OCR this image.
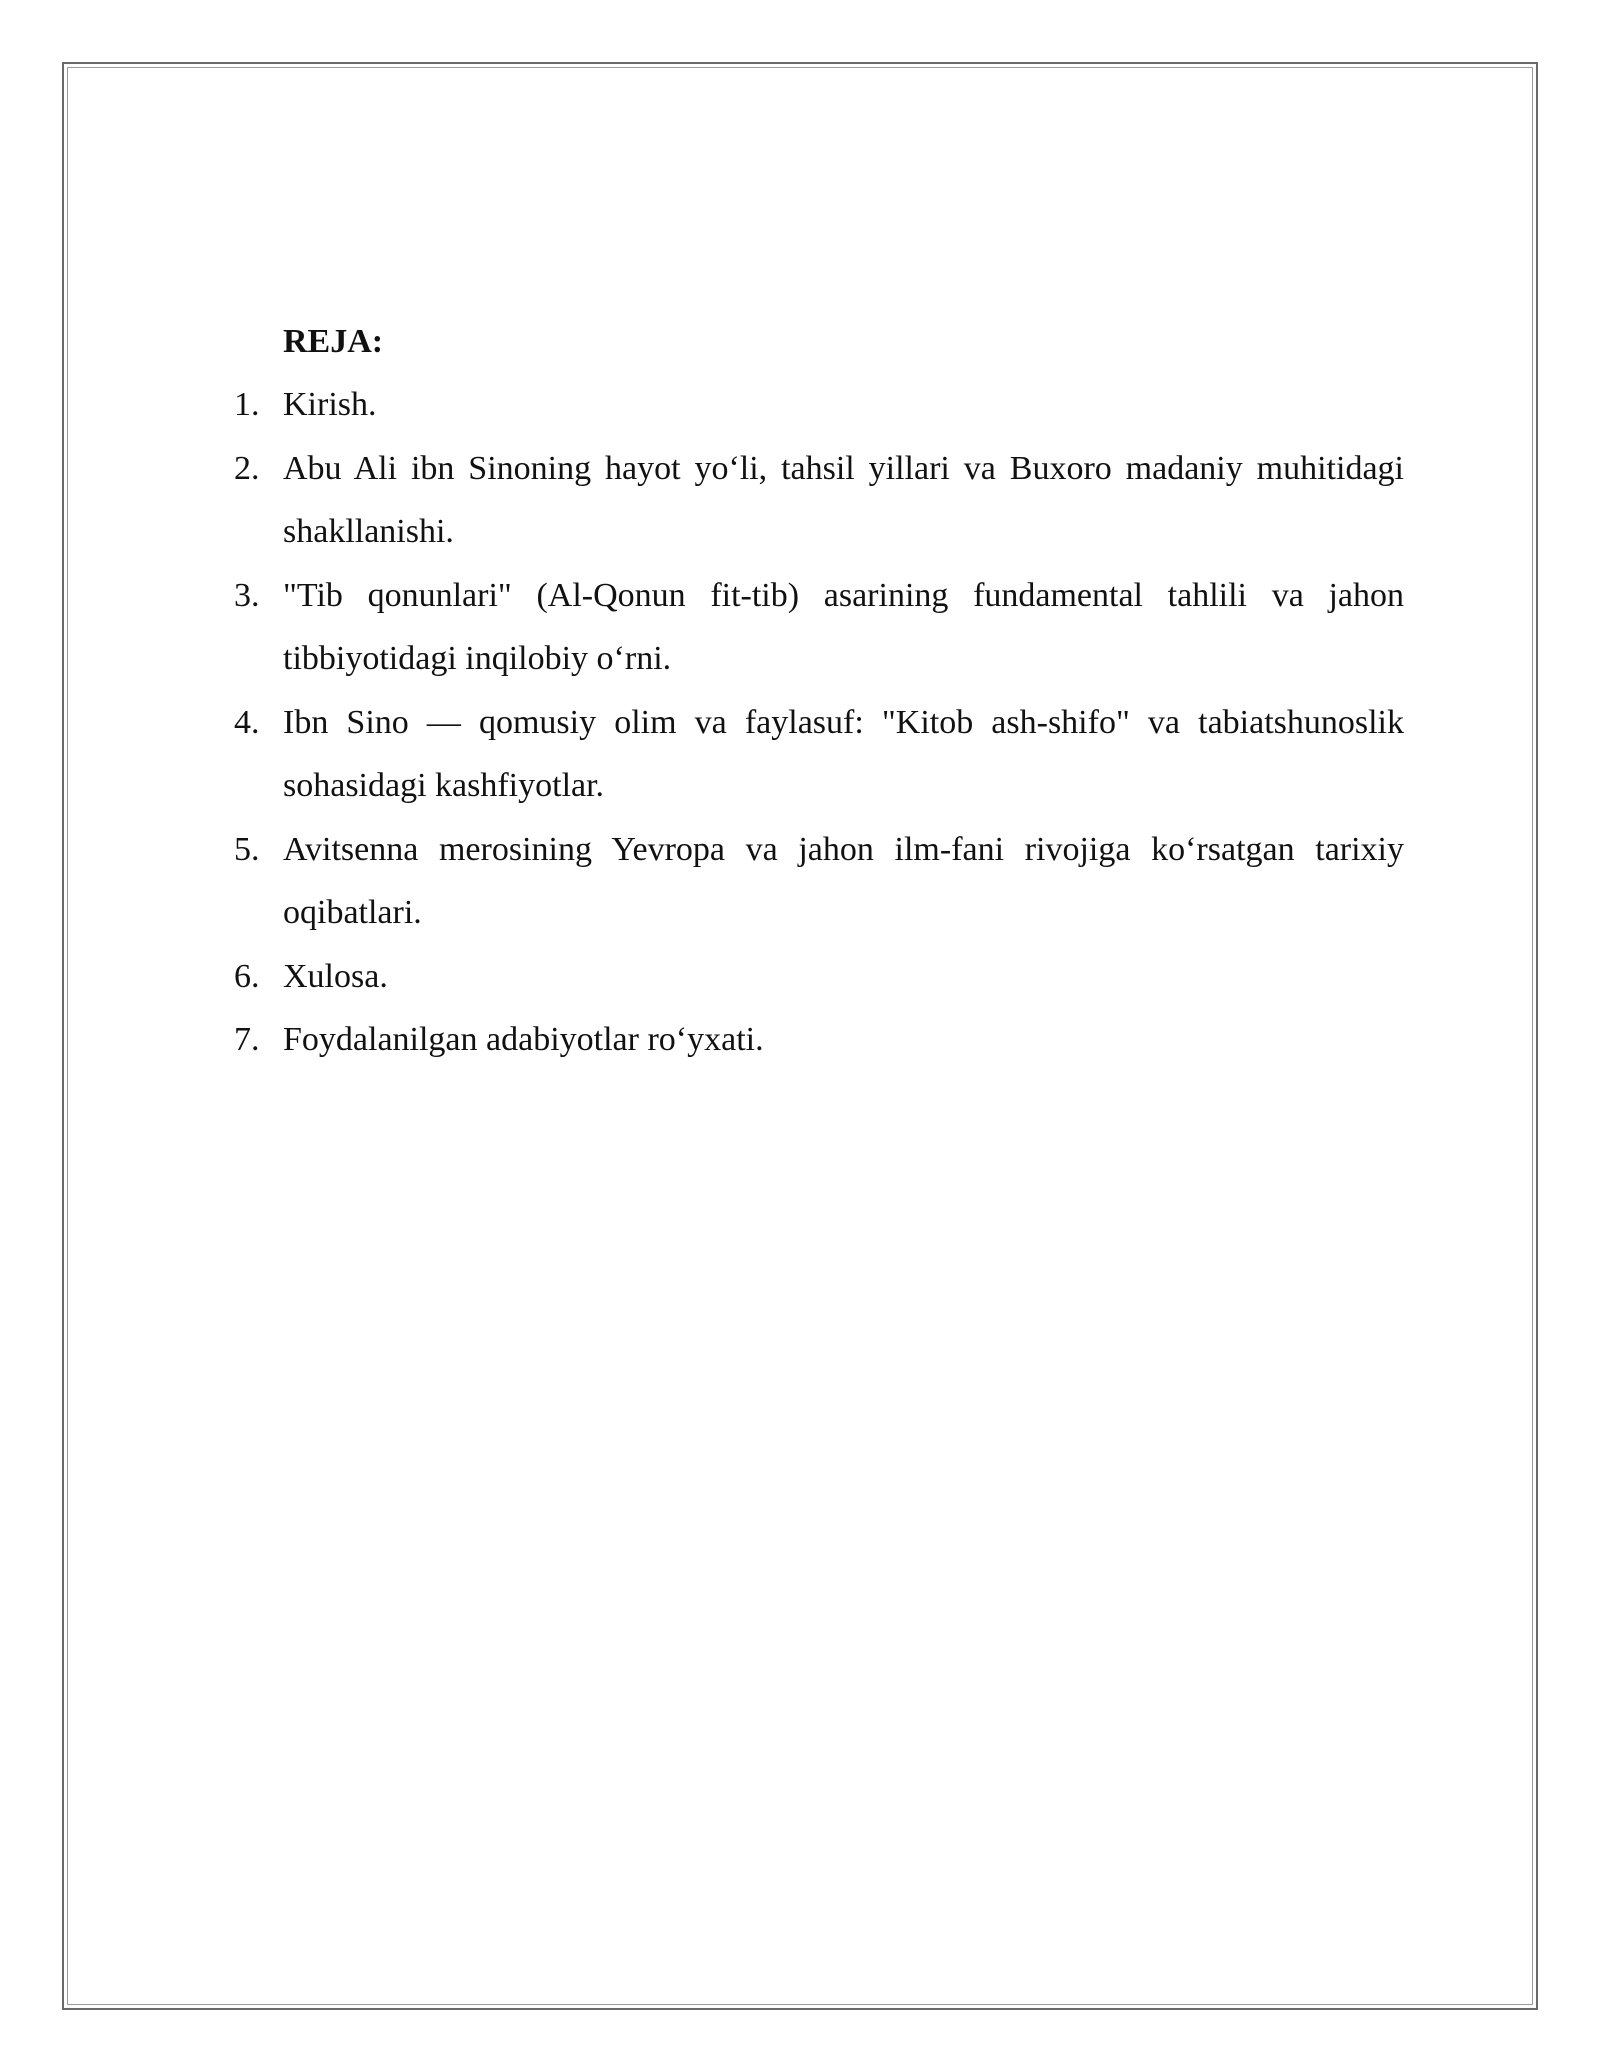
REJA:
1. Kirish.
2. Abu Ali ibn Sinoning hayot yo‘li, tahsil yillari va Buxoro madaniy muhitidagi shakllanishi.
3. "Tib qonunlari" (Al-Qonun fit-tib) asarining fundamental tahlili va jahon tibbiyotidagi inqilobiy o‘rni.
4. Ibn Sino — qomusiy olim va faylasuf: "Kitob ash-shifo" va tabiatshunoslik sohasidagi kashfiyotlar.
5. Avitsenna merosining Yevropa va jahon ilm-fani rivojiga ko‘rsatgan tarixiy oqibatlari.
6. Xulosa.
7. Foydalanilgan adabiyotlar ro‘yxati.
